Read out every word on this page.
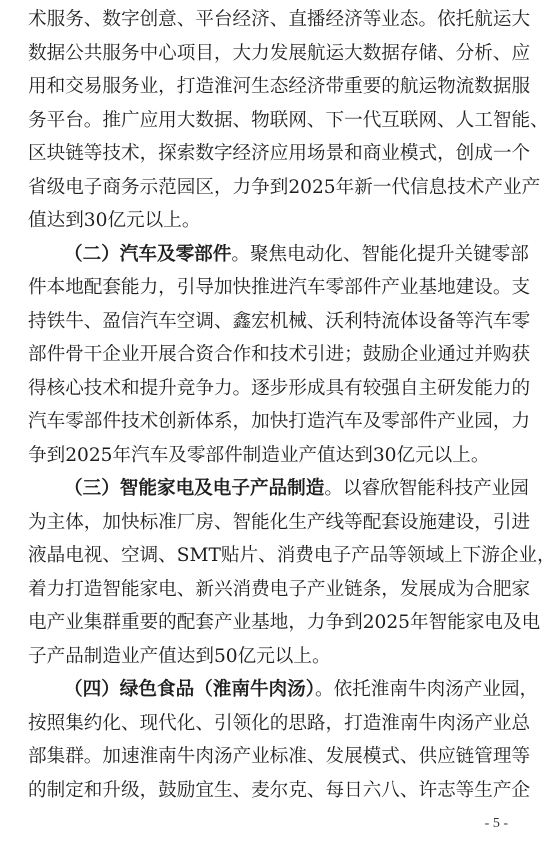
术服务、数字创意、平台经济、直播经济等业态。依托航运大
数据公共服务中心项目，大力发展航运大数据存储、分析、应
用和交易服务业，打造淮河生态经济带重要的航运物流数据服
务平台。推广应用大数据、物联网、下一代互联网、人工智能、
区块链等技术，探索数字经济应用场景和商业模式，创成一个
省级电子商务示范园区，力争到2025年新一代信息技术产业产
值达到30亿元以上。
（二）汽车及零部件。聚焦电动化、智能化提升关键零部
件本地配套能力，引导加快推进汽车零部件产业基地建设。支
持铁牛、盈信汽车空调、鑫宏机械、沃利特流体设备等汽车零
部件骨干企业开展合资合作和技术引进；鼓励企业通过并购获
得核心技术和提升竞争力。逐步形成具有较强自主研发能力的
汽车零部件技术创新体系，加快打造汽车及零部件产业园，力
争到2025年汽车及零部件制造业产值达到30亿元以上。
（三）智能家电及电子产品制造。以睿欣智能科技产业园
为主体，加快标准厂房、智能化生产线等配套设施建设，引进
液晶电视、空调、SMT贴片、消费电子产品等领域上下游企业，
着力打造智能家电、新兴消费电子产业链条，发展成为合肥家
电产业集群重要的配套产业基地，力争到2025年智能家电及电
子产品制造业产值达到50亿元以上。
（四）绿色食品（淮南牛肉汤）。依托淮南牛肉汤产业园，
按照集约化、现代化、引领化的思路，打造淮南牛肉汤产业总
部集群。加速淮南牛肉汤产业标准、发展模式、供应链管理等
的制定和升级，鼓励宜生、麦尔克、每日六八、许志等生产企
- 5 -
